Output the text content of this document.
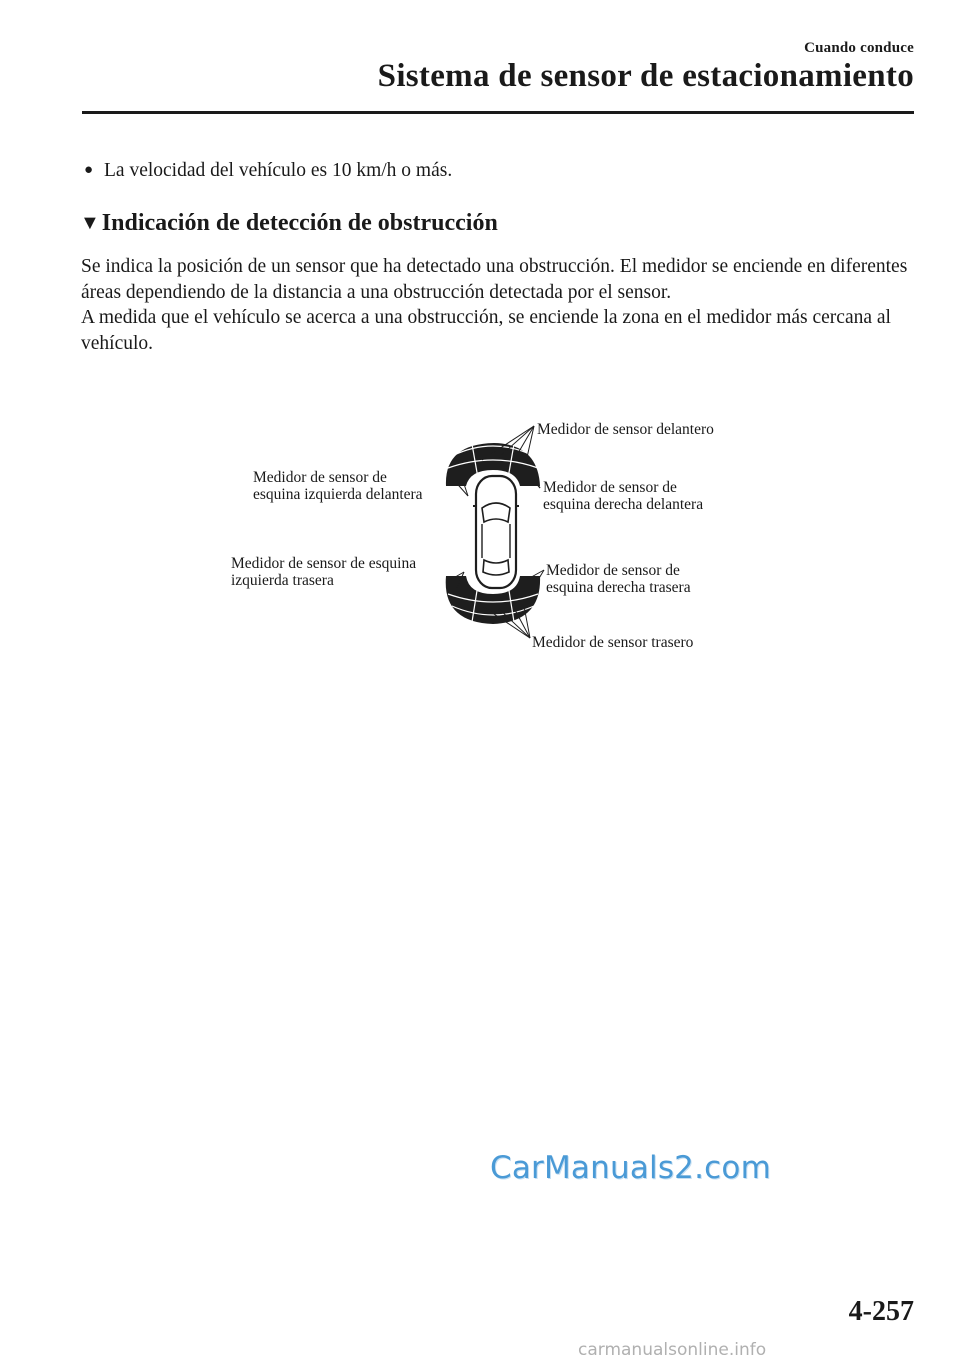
Cuando conduce
Sistema de sensor de estacionamiento
● La velocidad del vehículo es 10 km/h o más.
▼Indicación de detección de obstrucción

Se indica la posición de un sensor que ha detectado una obstrucción. El medidor se enciende en diferentes áreas dependiendo de la distancia a una obstrucción detectada por el sensor.

A medida que el vehículo se acerca a una obstrucción, se enciende la zona en el medidor más cercana al vehículo.

Medidor de sensor delantero
Medidor de sensor de
esquina izquierda delantera	Medidor de sensor de
esquina derecha delantera
Medidor de sensor de esquina
izquierda trasera
Medidor de sensor de
esquina derecha trasera
Medidor de sensor trasero
CarManuals2.com
4-257
carmanualsonline.info
